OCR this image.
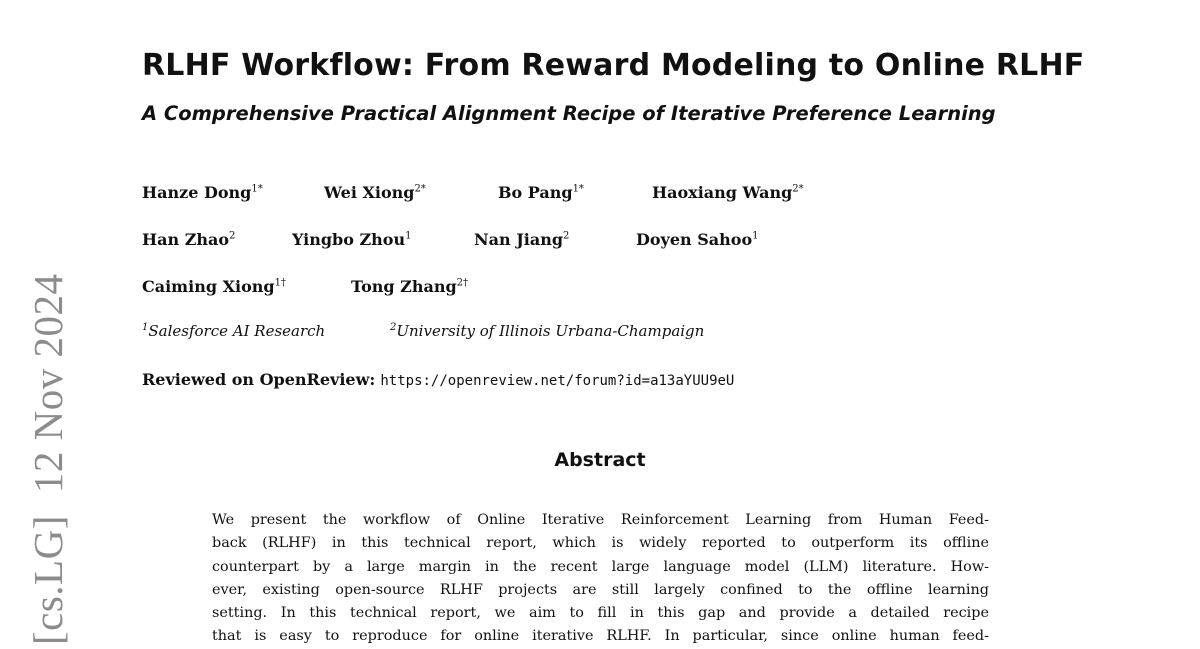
[cs.LG]12 Nov 2024
RLHF Workflow: From Reward Modeling to Online RLHF
A Comprehensive Practical Alignment Recipe of Iterative Preference Learning
Hanze Dong$^{1*}$	Wei Xiong$^{2*}$	Bo Pang$^{1*}$	Haoxiang Wang$^{2*}$
Han Zhao$^2$	Yingbo Zhou$^1$	Nan Jiang$^2$	Doyen Sahoo$^1$
Caiming Xiong$^{1\dagger}$	Tong Zhang$^{2\dagger}$
$^1$Salesforce AI Research	$^2$University of Illinois Urbana-Champaign
Reviewed on OpenReview: https://openreview.net/forum?id=a13aYUU9eU
Abstract
We present the workflow of Online Iterative Reinforcement Learning from Human Feed-
back (RLHF) in this technical report, which is widely reported to outperform its offline
counterpart by a large margin in the recent large language model (LLM) literature. How-
ever, existing open-source RLHF projects are still largely confined to the offline learning
setting. In this technical report, we aim to fill in this gap and provide a detailed recipe
that is easy to reproduce for online iterative RLHF. In particular, since online human feed-
